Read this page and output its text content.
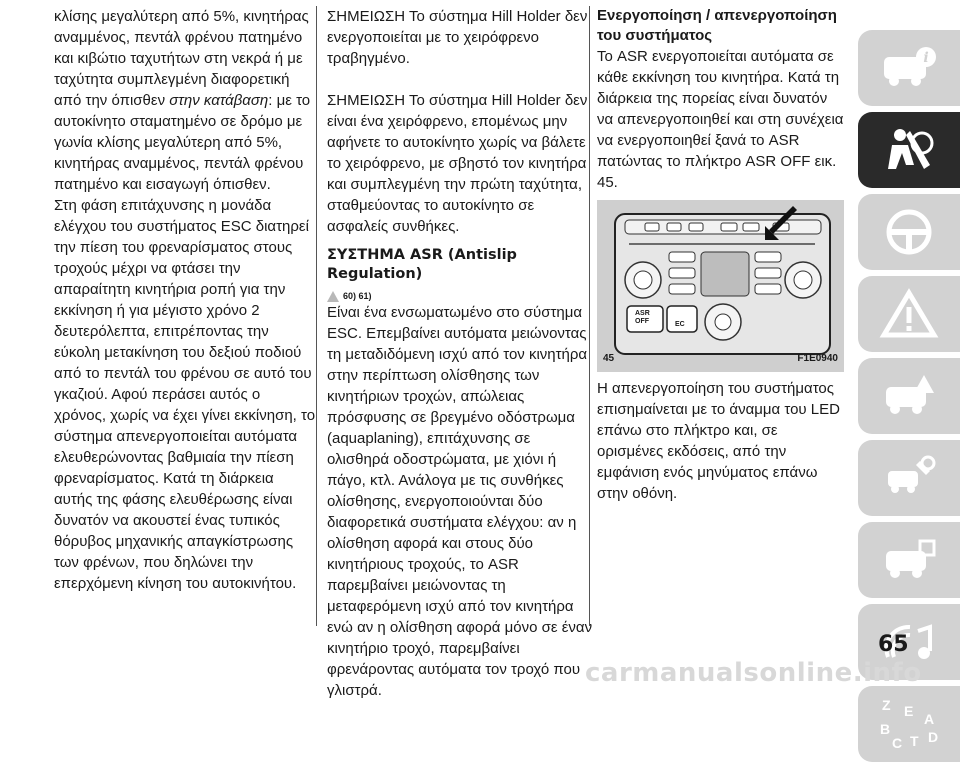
κλίσης μεγαλύτερη από 5%, κινητήρας αναμμένος, πεντάλ φρένου πατημένο και κιβώτιο ταχυτήτων στη νεκρά ή με ταχύτητα συμπλεγμένη διαφορετική από την όπισθεν στην κατάβαση: με το αυτοκίνητο σταματημένο σε δρόμο με γωνία κλίσης μεγαλύτερη από 5%, κινητήρας αναμμένος, πεντάλ φρένου πατημένο και εισαγωγή όπισθεν.

Στη φάση επιτάχυνσης η μονάδα ελέγχου του συστήματος ESC διατηρεί την πίεση του φρεναρίσματος στους τροχούς μέχρι να φτάσει την απαραίτητη κινητήρια ροπή για την εκκίνηση ή για μέγιστο χρόνο 2 δευτερόλεπτα, επιτρέποντας την εύκολη μετακίνηση του δεξιού ποδιού από το πεντάλ του φρένου σε αυτό του γκαζιού. Αφού περάσει αυτός ο χρόνος, χωρίς να έχει γίνει εκκίνηση, το σύστημα απενεργοποιείται αυτόματα ελευθερώνοντας βαθμιαία την πίεση φρεναρίσματος. Κατά τη διάρκεια αυτής της φάσης ελευθέρωσης είναι δυνατόν να ακουστεί ένας τυπικός θόρυβος μηχανικής απαγκίστρωσης των φρένων, που δηλώνει την επερχόμενη κίνηση του αυτοκινήτου.

ΣΗΜΕΙΩΣΗ Το σύστημα Hill Holder δεν ενεργοποιείται με το χειρόφρενο τραβηγμένο.

ΣΗΜΕΙΩΣΗ Το σύστημα Hill Holder δεν είναι ένα χειρόφρενο, επομένως μην αφήνετε το αυτοκίνητο χωρίς να βάλετε το χειρόφρενο, με σβηστό τον κινητήρα και συμπλεγμένη την πρώτη ταχύτητα, σταθμεύοντας το αυτοκίνητο σε ασφαλείς συνθήκες.

ΣΥΣΤΗΜΑ ASR (Antislip Regulation)
60) 61)

Είναι ένα ενσωματωμένο στο σύστημα ESC. Επεμβαίνει αυτόματα μειώνοντας τη μεταδιδόμενη ισχύ από τον κινητήρα στην περίπτωση ολίσθησης των κινητήριων τροχών, απώλειας πρόσφυσης σε βρεγμένο οδόστρωμα (aquaplaning), επιτάχυνσης σε ολισθηρά οδοστρώματα, με χιόνι ή πάγο, κτλ. Ανάλογα με τις συνθήκες ολίσθησης, ενεργοποιούνται δύο διαφορετικά συστήματα ελέγχου: αν η ολίσθηση αφορά και στους δύο κινητήριους τροχούς, το ASR παρεμβαίνει μειώνοντας τη μεταφερόμενη ισχύ από τον κινητήρα ενώ αν η ολίσθηση αφορά μόνο σε έναν κινητήριο τροχό, παρεμβαίνει φρενάροντας αυτόματα τον τροχό που γλιστρά.

Ενεργοποίηση / απενεργοποίηση του συστήματος

Το ASR ενεργοποιείται αυτόματα σε κάθε εκκίνηση του κινητήρα. Κατά τη διάρκεια της πορείας είναι δυνατόν να απενεργοποιηθεί και στη συνέχεια να ενεργοποιηθεί ξανά το ASR πατώντας το πλήκτρο ASR OFF εικ. 45.

ASR
OFF	EC
45	F1E0940

Η απενεργοποίηση του συστήματος επισημαίνεται με το άναμμα του LED επάνω στο πλήκτρο και, σε ορισμένες εκδόσεις, από την εμφάνιση ενός μηνύματος επάνω στην οθόνη.

i
Z E A
B
C T D
65
carmanualsonline.info
